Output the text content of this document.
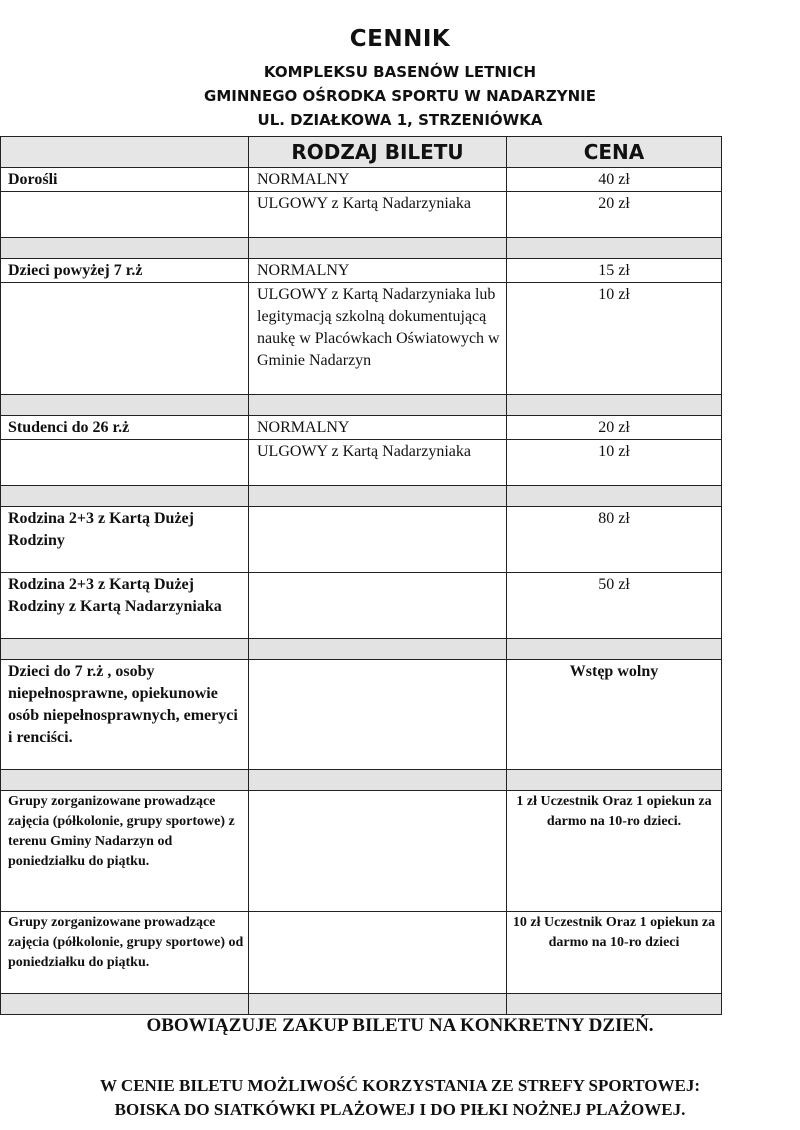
CENNIK
KOMPLEKSU BASENÓW LETNICH
GMINNEGO OŚRODKA SPORTU W NADARZYNIE
UL. DZIAŁKOWA 1, STRZENIÓWKA
	RODZAJ BILETU	CENA
Dorośli	NORMALNY	40 zł
	ULGOWY z Kartą Nadarzyniaka	20 zł

Dzieci powyżej 7 r.ż	NORMALNY	15 zł
	ULGOWY z Kartą Nadarzyniaka lub legitymacją szkolną dokumentującą naukę w Placówkach Oświatowych w Gminie Nadarzyn	10 zł

Studenci do 26 r.ż	NORMALNY	20 zł
	ULGOWY z Kartą Nadarzyniaka	10 zł

Rodzina 2+3 z Kartą Dużej Rodziny		80 zł
Rodzina 2+3 z Kartą Dużej Rodziny z Kartą Nadarzyniaka		50 zł

Dzieci do 7 r.ż , osoby niepełnosprawne, opiekunowie osób niepełnosprawnych, emeryci i renciści.		Wstęp wolny

Grupy zorganizowane prowadzące zajęcia (półkolonie, grupy sportowe) z terenu Gminy Nadarzyn od poniedziałku do piątku.		1 zł Uczestnik Oraz 1 opiekun za darmo na 10-ro dzieci.
Grupy zorganizowane prowadzące zajęcia (półkolonie, grupy sportowe) od poniedziałku do piątku.		10 zł Uczestnik Oraz 1 opiekun za darmo na 10-ro dzieci

OBOWIĄZUJE ZAKUP BILETU NA KONKRETNY DZIEŃ.
W CENIE BILETU MOŻLIWOŚĆ KORZYSTANIA ZE STREFY SPORTOWEJ:
BOISKA DO SIATKÓWKI PLAŻOWEJ I DO PIŁKI NOŻNEJ PLAŻOWEJ.
